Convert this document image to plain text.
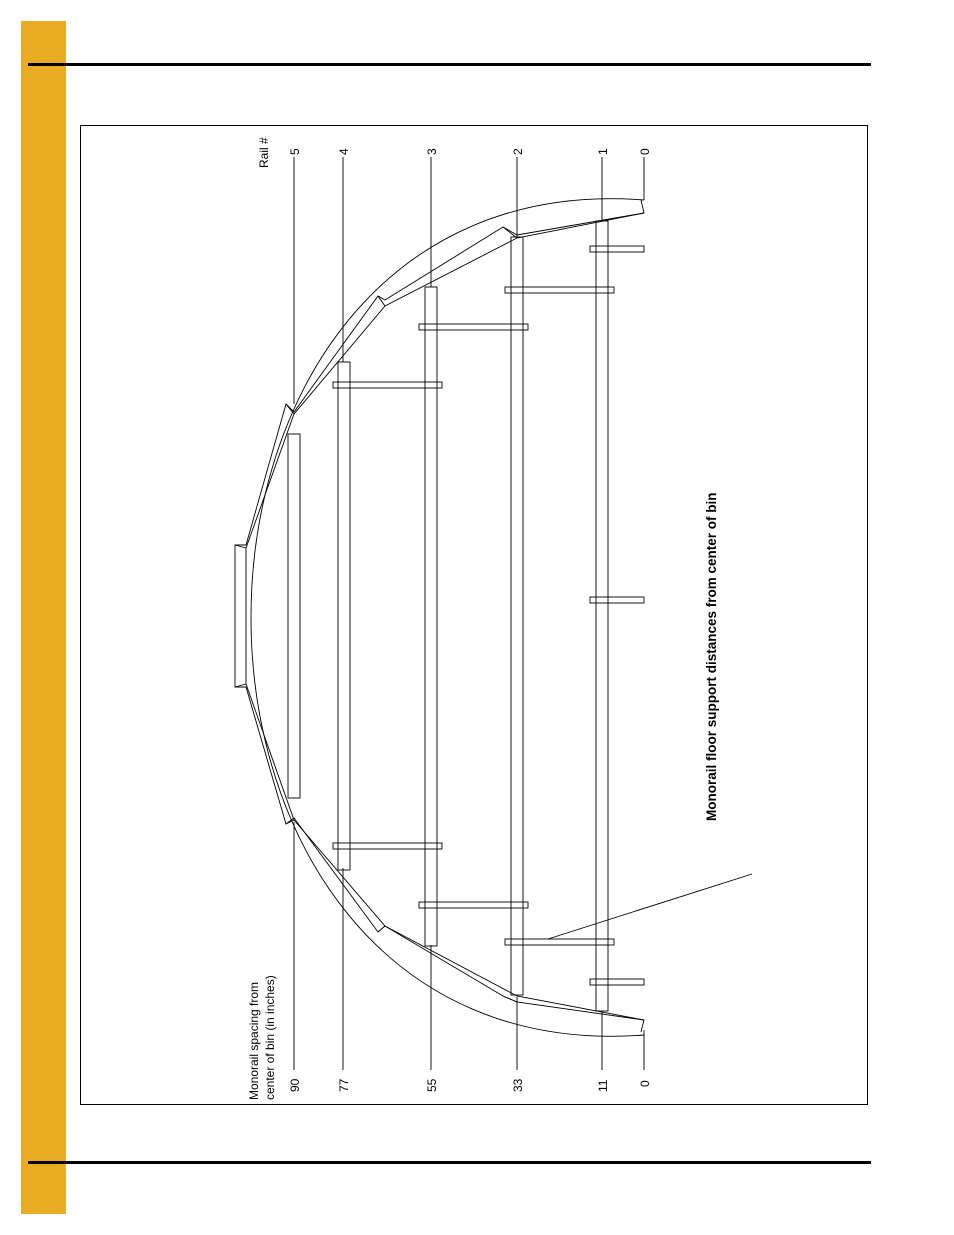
Rail # 5	4	3	2	1 0
Monorail spacing from center of bin (in inches) 90	77	55	33	11 0
Monorail floor support distances from center of bin
